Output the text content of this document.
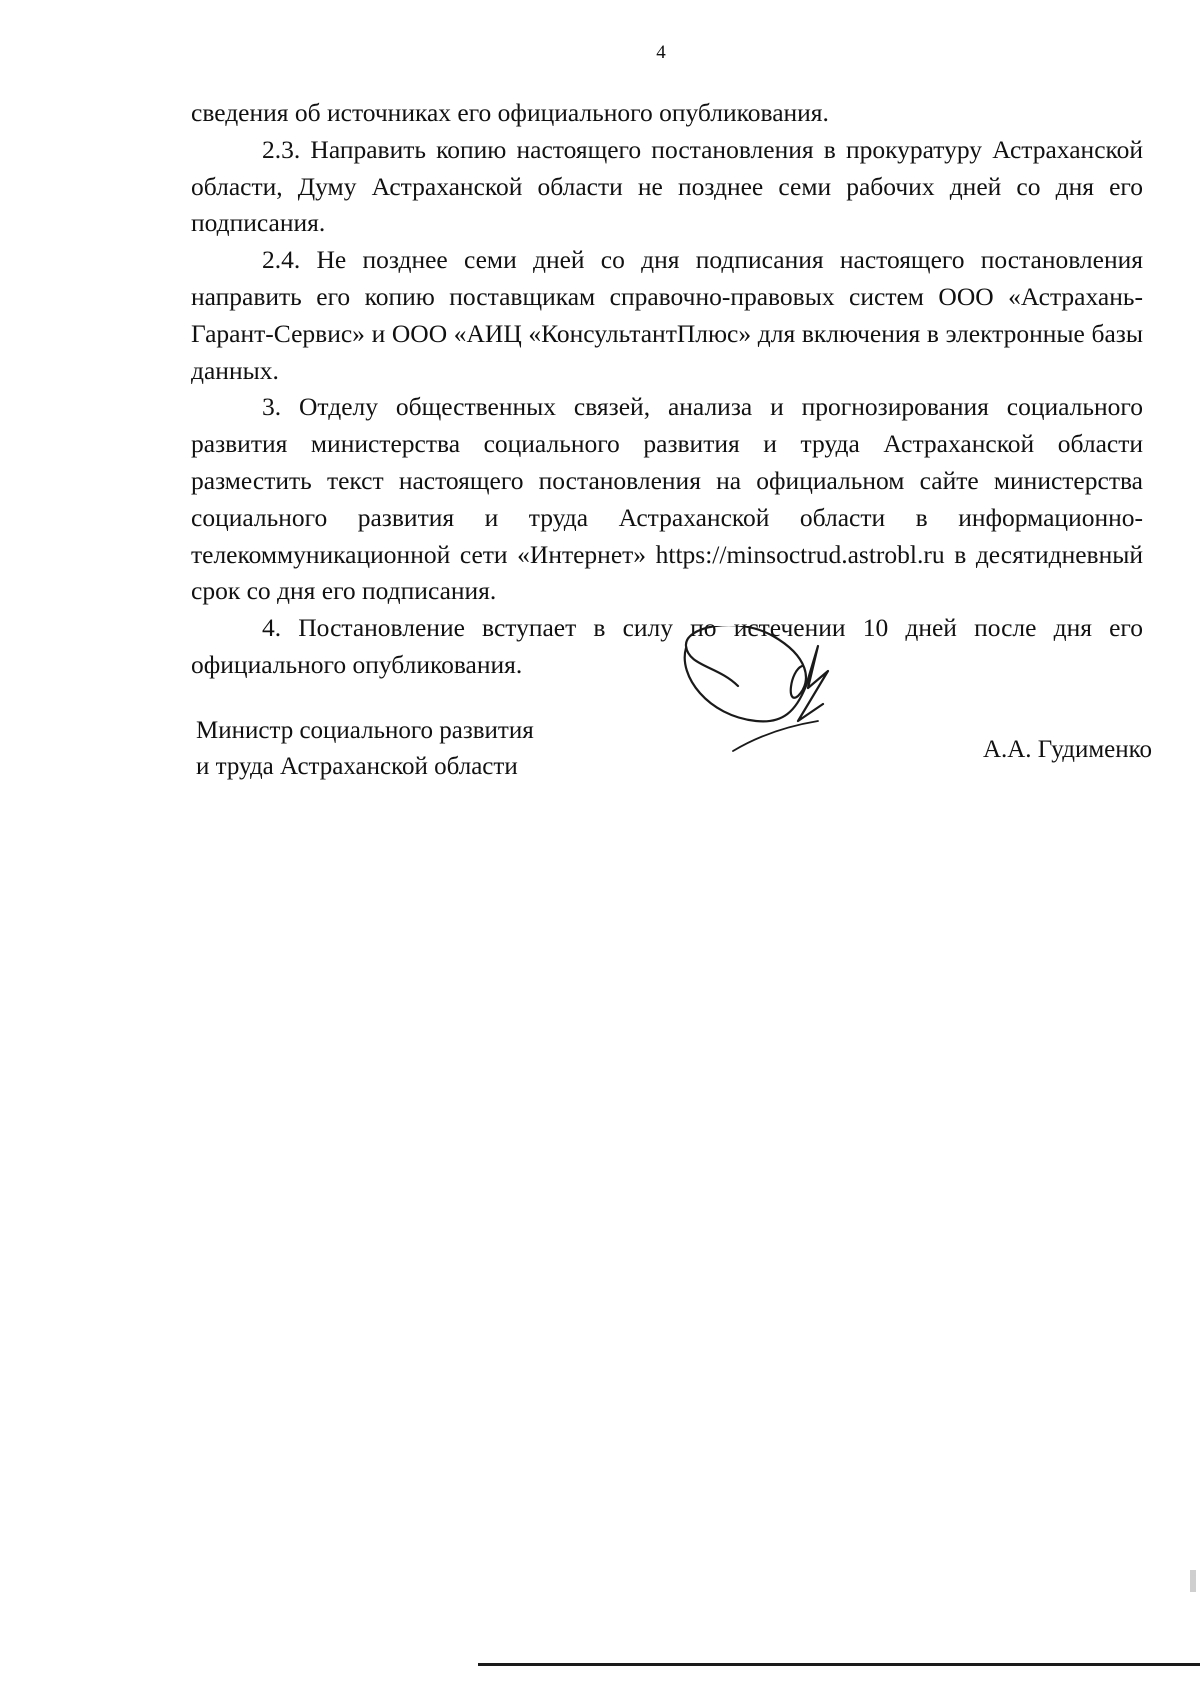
4

сведения об источниках его официального опубликования.

2.3. Направить копию настоящего постановления в прокуратуру Астраханской области, Думу Астраханской области не позднее семи рабочих дней со дня его подписания.

2.4. Не позднее семи дней со дня подписания настоящего постановления направить его копию поставщикам справочно-правовых систем ООО «Астрахань-Гарант-Сервис» и ООО «АИЦ «КонсультантПлюс» для включения в электронные базы данных.

3. Отделу общественных связей, анализа и прогнозирования социального развития министерства социального развития и труда Астраханской области разместить текст настоящего постановления на официальном сайте министерства социального развития и труда Астраханской области в информационно-телекоммуникационной сети «Интернет» https://minsoctrud.astrobl.ru в десятидневный срок со дня его подписания.

4. Постановление вступает в силу по истечении 10 дней после дня его официального опубликования.

Министр социального развития
и труда Астраханской области
А.А. Гудименко
